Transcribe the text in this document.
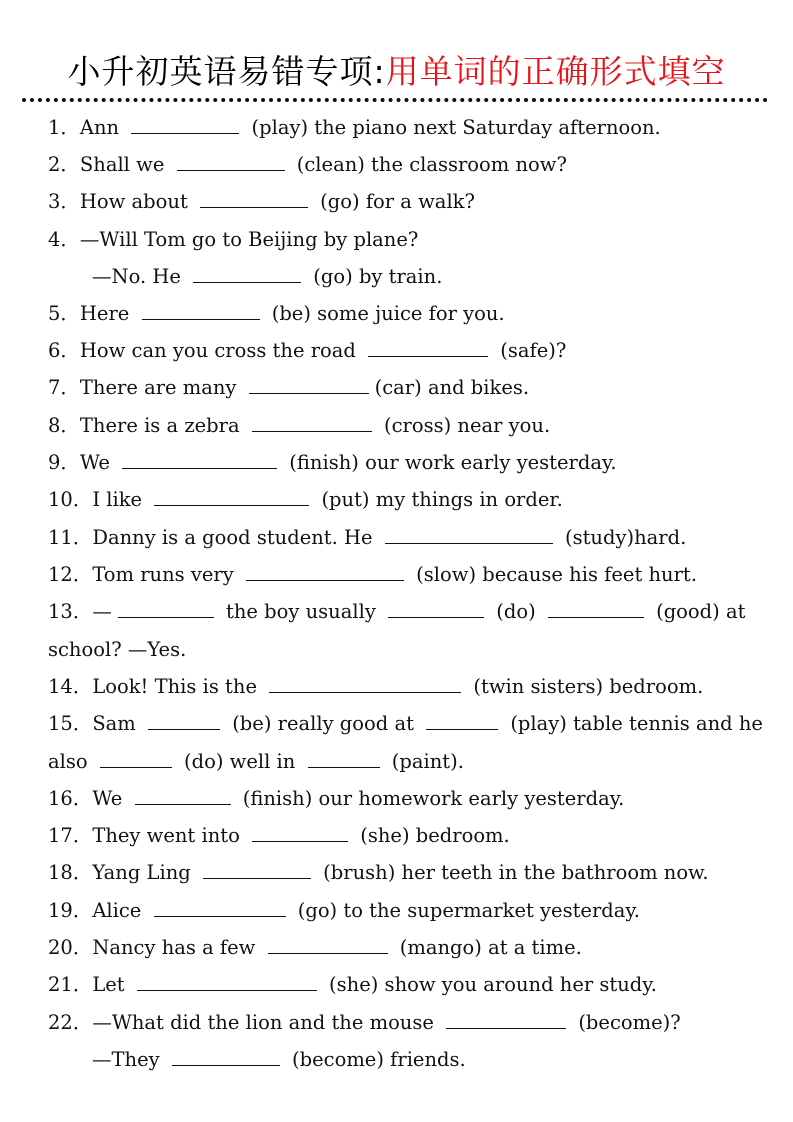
小升初英语易错专项:用单词的正确形式填空
1．Ann	(play) the piano next Saturday afternoon.
2．Shall we	(clean) the classroom now?
3．How about	(go) for a walk?
4．—Will Tom go to Beijing by plane?
—No. He	(go) by train.
5．Here	(be) some juice for you.
6．How can you cross the road	(safe)?
7．There are many	(car) and bikes.
8．There is a zebra	(cross) near you.
9．We	(finish) our work early yesterday.
10．I like	(put) my things in order.
11．Danny is a good student. He	(study)hard.
12．Tom runs very	(slow) because his feet hurt.
13．—	the boy usually	(do)	(good) at
school? —Yes.
14．Look! This is the	(twin sisters) bedroom.
15．Sam	(be) really good at	(play) table tennis and he
also	(do) well in	(paint).
16．We	(finish) our homework early yesterday.
17．They went into	(she) bedroom.
18．Yang Ling	(brush) her teeth in the bathroom now.
19．Alice	(go) to the supermarket yesterday.
20．Nancy has a few	(mango) at a time.
21．Let	(she) show you around her study.
22．—What did the lion and the mouse	(become)?
—They	(become) friends.
